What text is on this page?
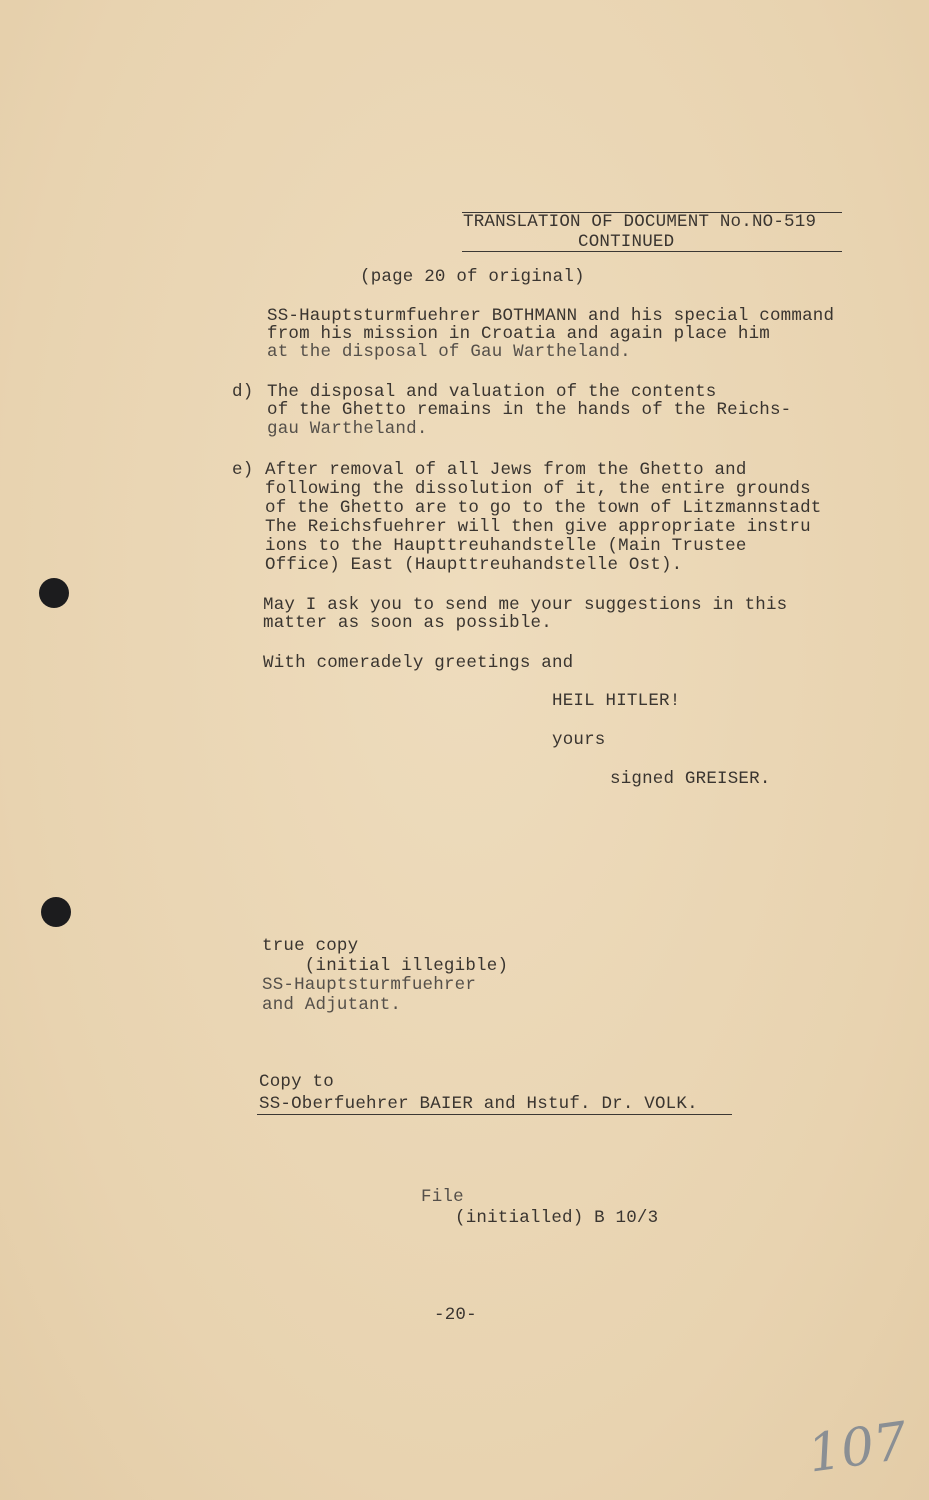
TRANSLATION OF DOCUMENT No.NO-519
CONTINUED
(page 20 of original)
SS-Hauptsturmfuehrer BOTHMANN and his special command
from his mission in Croatia and again place him
at the disposal of Gau Wartheland.
d) The disposal and valuation of the contents
of the Ghetto remains in the hands of the Reichs-
gau Wartheland.
e) After removal of all Jews from the Ghetto and
following the dissolution of it, the entire grounds
of the Ghetto are to go to the town of Litzmannstadt
The Reichsfuehrer will then give appropriate instru
ions to the Haupttreuhandstelle (Main Trustee
Office) East (Haupttreuhandstelle Ost).
May I ask you to send me your suggestions in this
matter as soon as possible.
With comeradely greetings and
HEIL HITLER!
yours
signed GREISER.
true copy
(initial illegible)
SS-Hauptsturmfuehrer
and Adjutant.
Copy to
SS-Oberfuehrer BAIER and Hstuf. Dr. VOLK.
File
(initialled) B 10/3
-20-
107
